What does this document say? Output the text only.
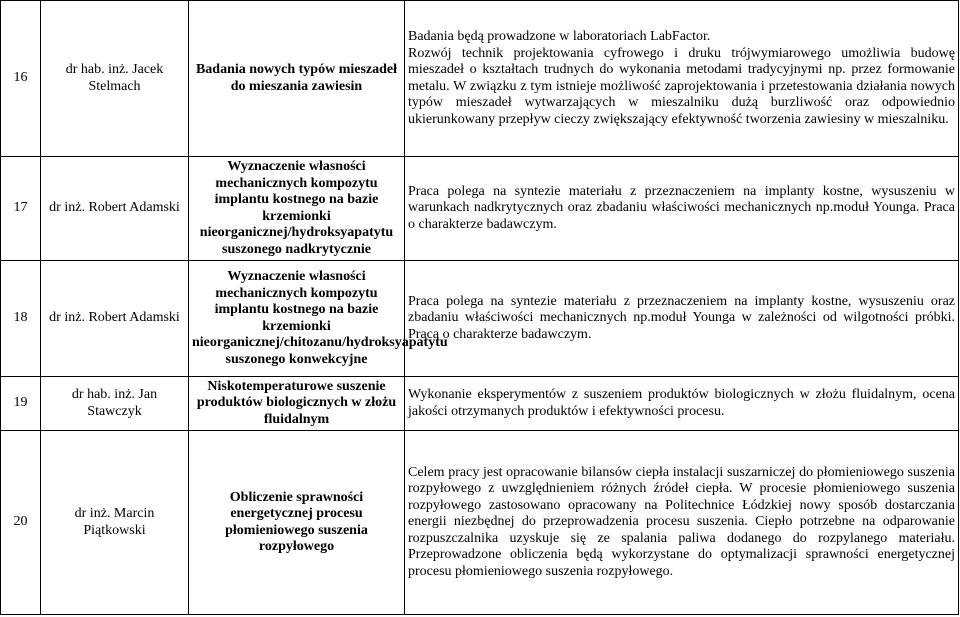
16	dr hab. inż. Jacek Stelmach	Badania nowych typów mieszadeł do mieszania zawiesin	Badania będą prowadzone w laboratoriach LabFactor.
Rozwój technik projektowania cyfrowego i druku trójwymiarowego umożliwia budowę mieszadeł o kształtach trudnych do wykonania metodami tradycyjnymi np. przez formowanie metalu. W związku z tym istnieje możliwość zaprojektowania i przetestowania działania nowych typów mieszadeł wytwarzających w mieszalniku dużą burzliwość oraz odpowiednio ukierunkowany przepływ cieczy zwiększający efektywność tworzenia zawiesiny w mieszalniku.

17	dr inż. Robert Adamski	Wyznaczenie własności mechanicznych kompozytu implantu kostnego na bazie krzemionki nieorganicznej/hydroksyapatytu suszonego nadkrytycznie	Praca polega na syntezie materiału z przeznaczeniem na implanty kostne, wysuszeniu w warunkach nadkrytycznych oraz zbadaniu właściwości mechanicznych np.moduł Younga. Praca o charakterze badawczym.

18	dr inż. Robert Adamski	Wyznaczenie własności mechanicznych kompozytu implantu kostnego na bazie krzemionki nieorganicznej/chitozanu/hydroksyapatytu suszonego konwekcyjne	Praca polega na syntezie materiału z przeznaczeniem na implanty kostne, wysuszeniu oraz zbadaniu właściwości mechanicznych np.moduł Younga w zależności od wilgotności próbki. Praca o charakterze badawczym.

19	dr hab. inż. Jan Stawczyk	Niskotemperaturowe suszenie produktów biologicznych w złożu fluidalnym	Wykonanie eksperymentów z suszeniem produktów biologicznych w złożu fluidalnym, ocena jakości otrzymanych produktów i efektywności procesu.

20	dr inż. Marcin Piątkowski	Obliczenie sprawności energetycznej procesu płomieniowego suszenia rozpyłowego	Celem pracy jest opracowanie bilansów ciepła instalacji suszarniczej do płomieniowego suszenia rozpyłowego z uwzględnieniem różnych źródeł ciepła. W procesie płomieniowego suszenia rozpyłowego zastosowano opracowany na Politechnice Łódzkiej nowy sposób dostarczania energii niezbędnej do przeprowadzenia procesu suszenia. Ciepło potrzebne na odparowanie rozpuszczalnika uzyskuje się ze spalania paliwa dodanego do rozpylanego materiału. Przeprowadzone obliczenia będą wykorzystane do optymalizacji sprawności energetycznej procesu płomieniowego suszenia rozpyłowego.
